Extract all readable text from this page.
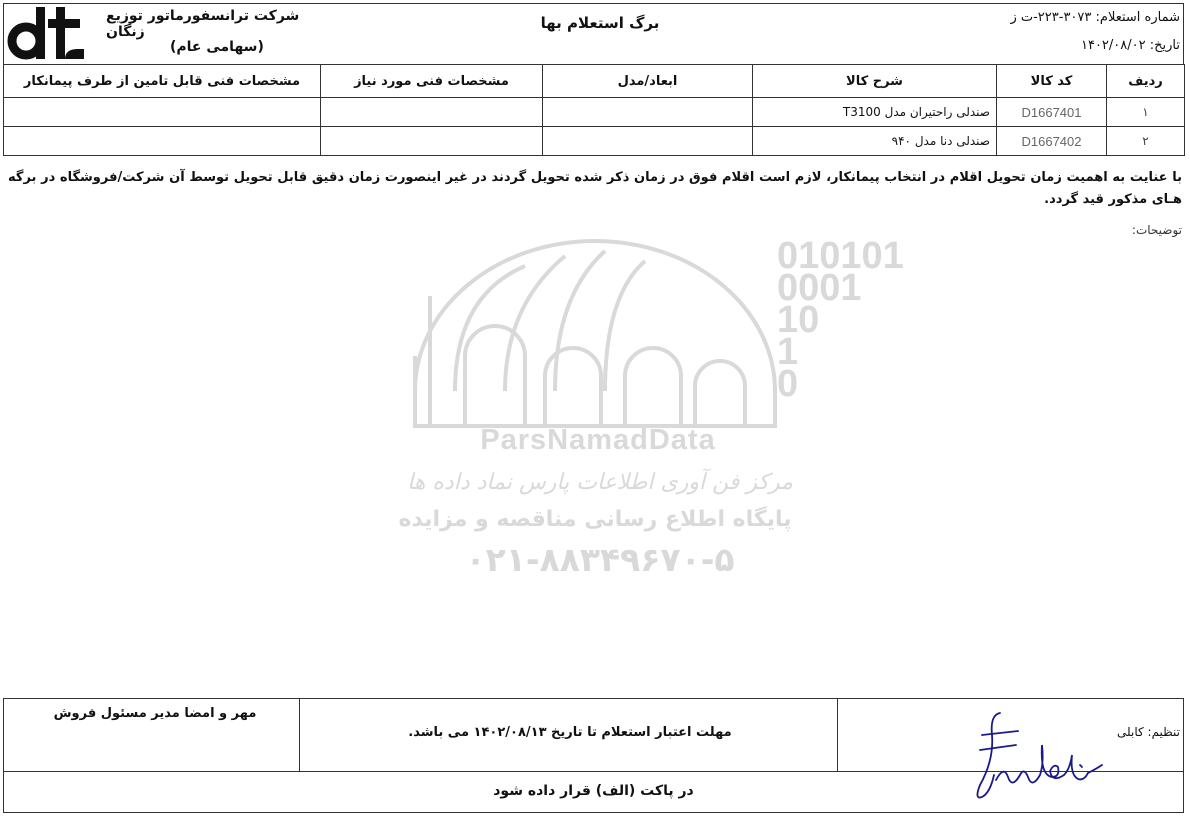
شرکت ترانسفورماتور توزیع زنگان
(سهامی عام)
برگ استعلام بها	شماره استعلام: ۳۰۷۳-۲۲۳-ت ز
تاریخ: ۱۴۰۲/۰۸/۰۲
ردیف	کد کالا	شرح کالا	ابعاد/مدل	مشخصات فنی مورد نیاز	مشخصات فنی قابل تامین از طرف پیمانکار
۱	D1667401	صندلی راحتیران مدل T3100			
۲	D1667402	صندلی دنا مدل ۹۴۰			
با عنایت به اهمیت زمان تحویل اقلام در انتخاب پیمانکار، لازم است اقلام فوق در زمان ذکر شده تحویل گردند در غیر اینصورت زمان دقیق قابل تحویل توسط آن شرکت/فروشگاه در برگه هـای مذکور قید گردد.
توضیحات:
010101
0001
10
1
0
ParsNamadData
مرکز فن آوری اطلاعات پارس نماد داده ها
پایگاه اطلاع رسانی مناقصه و مزایده
۰۲۱-۸۸۳۴۹۶۷۰-۵
مهر و امضا مدیر مسئول فروش
مهلت اعتبار استعلام تا تاریخ ۱۴۰۲/۰۸/۱۳ می باشد.	تنظیم: کابلی
در پاکت (الف) قرار داده شود
